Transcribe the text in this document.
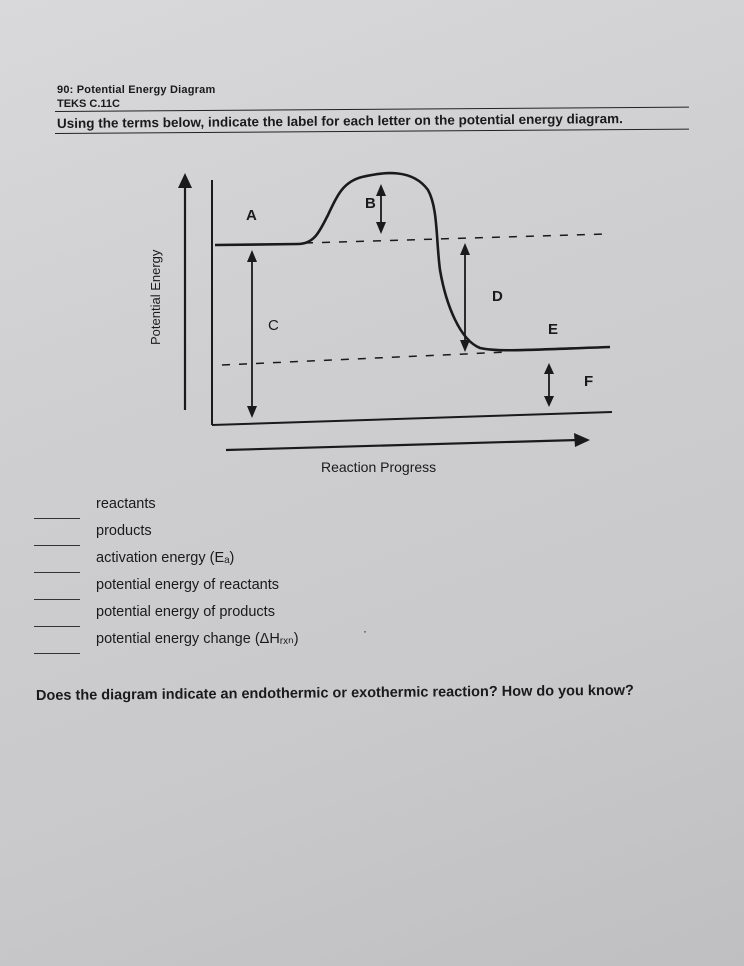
90: Potential Energy Diagram
TEKS C.11C
Using the terms below, indicate the label for each letter on the potential energy diagram.
Potential Energy
Reaction Progress
A
B
C
D
E
F
reactants
products
activation energy (Eₐ)
potential energy of reactants
potential energy of products
potential energy change (ΔHᵣₓₙ)	·
Does the diagram indicate an endothermic or exothermic reaction? How do you know?
